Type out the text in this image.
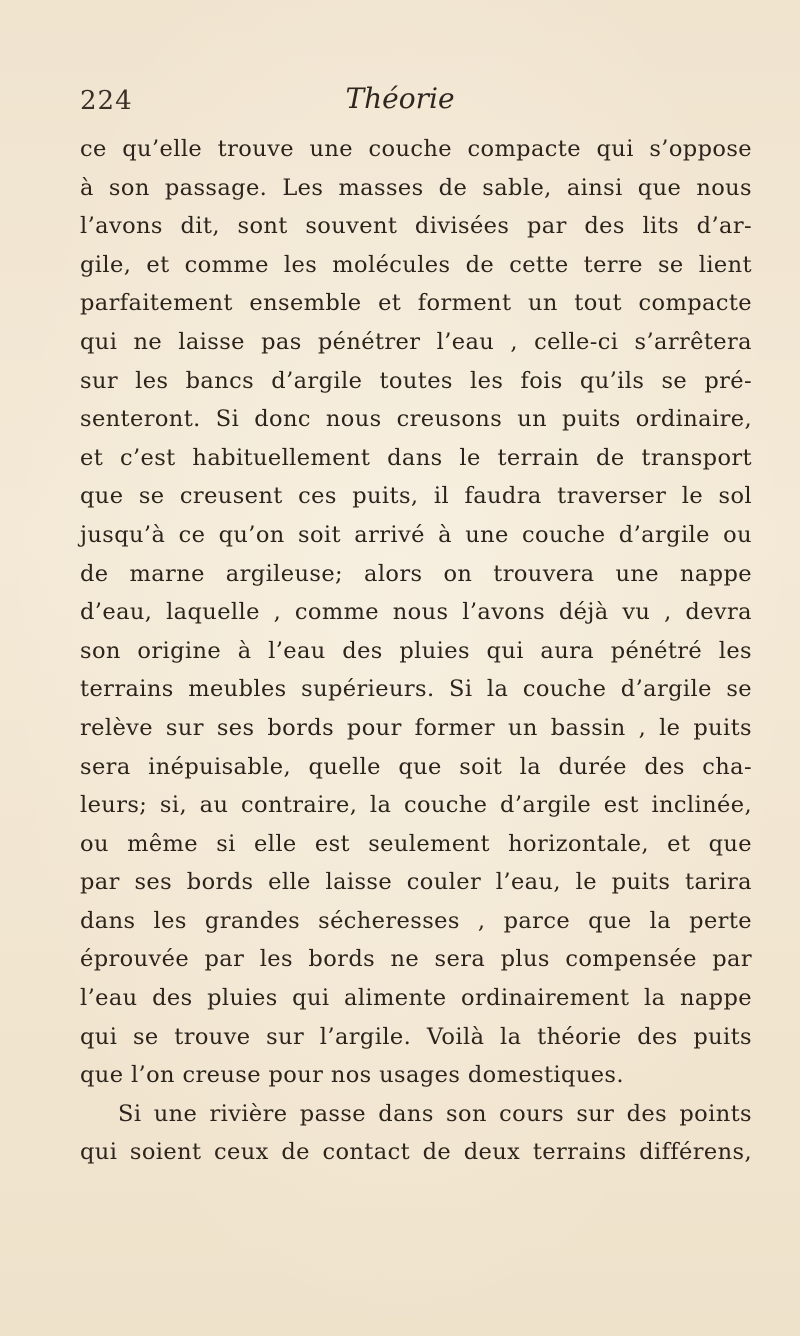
224	Théorie
ce qu’elle trouve une couche compacte qui s’oppose
à son passage. Les masses de sable, ainsi que nous
l’avons dit, sont souvent divisées par des lits d’ar-
gile, et comme les molécules de cette terre se lient
parfaitement ensemble et forment un tout compacte
qui ne laisse pas pénétrer l’eau , celle-ci s’arrêtera
sur les bancs d’argile toutes les fois qu’ils se pré-
senteront. Si donc nous creusons un puits ordinaire,
et c’est habituellement dans le terrain de transport
que se creusent ces puits, il faudra traverser le sol
jusqu’à ce qu’on soit arrivé à une couche d’argile ou
de marne argileuse; alors on trouvera une nappe
d’eau, laquelle , comme nous l’avons déjà vu , devra
son origine à l’eau des pluies qui aura pénétré les
terrains meubles supérieurs. Si la couche d’argile se
relève sur ses bords pour former un bassin , le puits
sera inépuisable, quelle que soit la durée des cha-
leurs; si, au contraire, la couche d’argile est inclinée,
ou même si elle est seulement horizontale, et que
par ses bords elle laisse couler l’eau, le puits tarira
dans les grandes sécheresses , parce que la perte
éprouvée par les bords ne sera plus compensée par
l’eau des pluies qui alimente ordinairement la nappe
qui se trouve sur l’argile. Voilà la théorie des puits
que l’on creuse pour nos usages domestiques.
Si une rivière passe dans son cours sur des points
qui soient ceux de contact de deux terrains différens,
